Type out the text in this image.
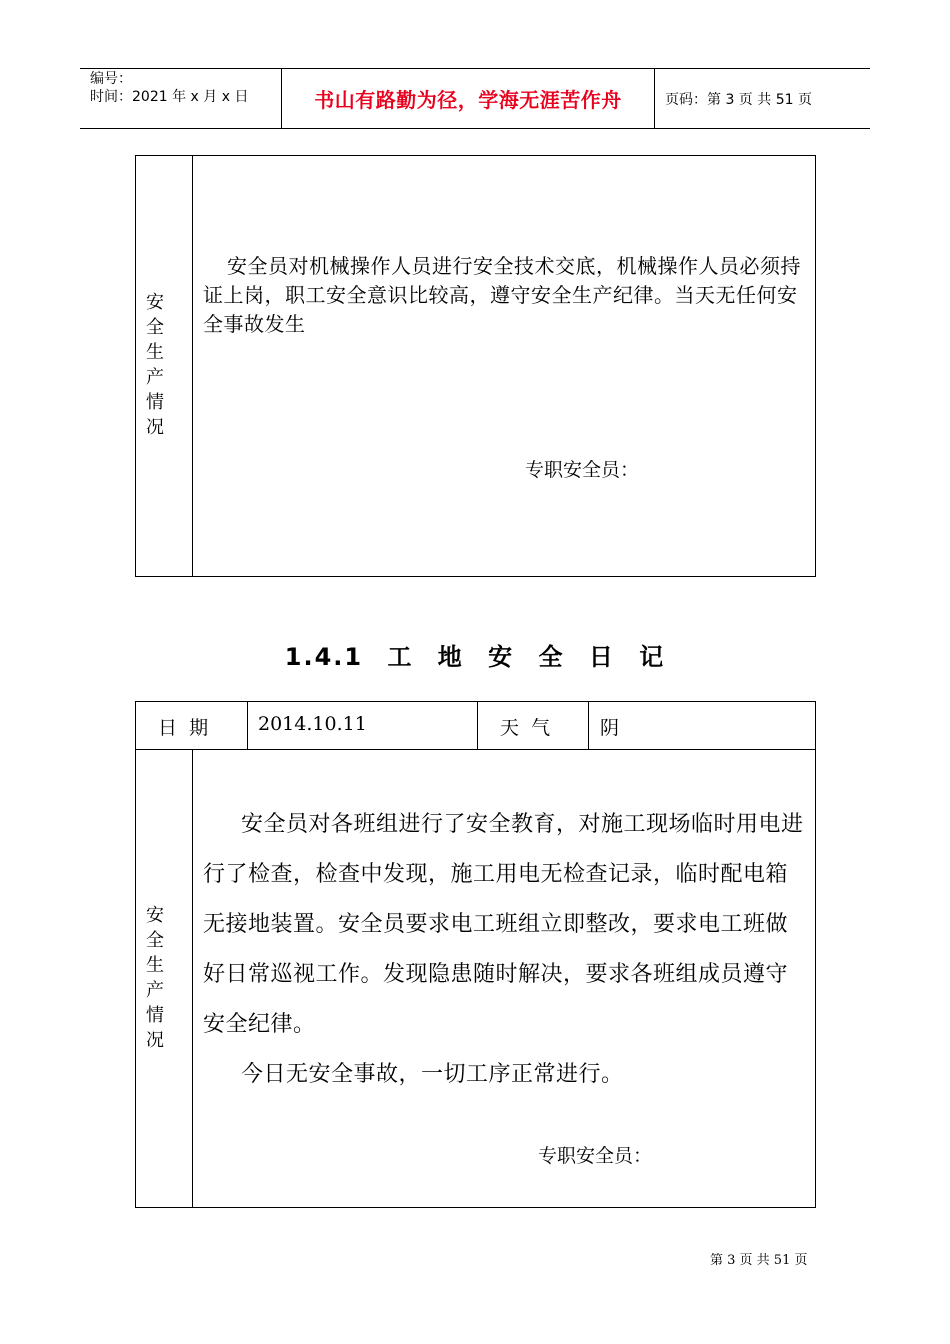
编号：
时间：2021 年 x 月 x 日	书山有路勤为径，学海无涯苦作舟	页码：第 3 页 共 51 页
安
全
生
产
情
况
安全员对机械操作人员进行安全技术交底，机械操作人员必须持证上岗，职工安全意识比较高，遵守安全生产纪律。当天无任何安全事故发生
专职安全员：
1.4.1 工 地 安 全 日 记
日  期	2014.10.11	天  气	阴
安
全
生
产
情
况

安全员对各班组进行了安全教育，对施工现场临时用电进行了检查，检查中发现，施工用电无检查记录，临时配电箱无接地装置。安全员要求电工班组立即整改，要求电工班做好日常巡视工作。发现隐患随时解决，要求各班组成员遵守安全纪律。

今日无安全事故，一切工序正常进行。

专职安全员：
第 3 页 共 51 页
